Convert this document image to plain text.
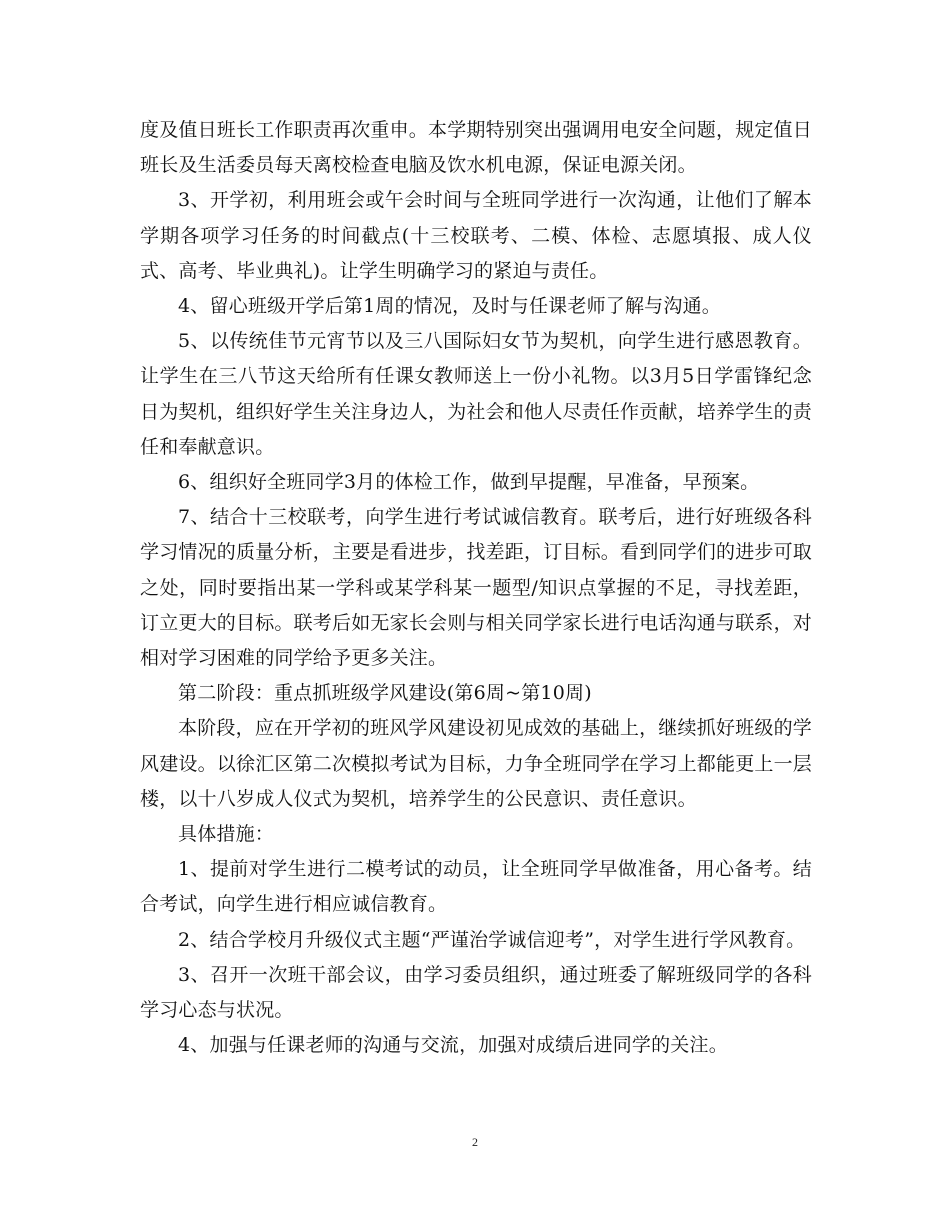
度及值日班长工作职责再次重申。本学期特别突出强调用电安全问题，规定值日班长及生活委员每天离校检查电脑及饮水机电源，保证电源关闭。

3、开学初，利用班会或午会时间与全班同学进行一次沟通，让他们了解本学期各项学习任务的时间截点(十三校联考、二模、体检、志愿填报、成人仪式、高考、毕业典礼)。让学生明确学习的紧迫与责任。

4、留心班级开学后第1周的情况，及时与任课老师了解与沟通。

5、以传统佳节元宵节以及三八国际妇女节为契机，向学生进行感恩教育。让学生在三八节这天给所有任课女教师送上一份小礼物。以3月5日学雷锋纪念日为契机，组织好学生关注身边人，为社会和他人尽责任作贡献，培养学生的责任和奉献意识。

6、组织好全班同学3月的体检工作，做到早提醒，早准备，早预案。

7、结合十三校联考，向学生进行考试诚信教育。联考后，进行好班级各科学习情况的质量分析，主要是看进步，找差距，订目标。看到同学们的进步可取之处，同时要指出某一学科或某学科某一题型/知识点掌握的不足，寻找差距，订立更大的目标。联考后如无家长会则与相关同学家长进行电话沟通与联系，对相对学习困难的同学给予更多关注。

第二阶段：重点抓班级学风建设(第6周~第10周)

本阶段，应在开学初的班风学风建设初见成效的基础上，继续抓好班级的学风建设。以徐汇区第二次模拟考试为目标，力争全班同学在学习上都能更上一层楼，以十八岁成人仪式为契机，培养学生的公民意识、责任意识。

具体措施：

1、提前对学生进行二模考试的动员，让全班同学早做准备，用心备考。结合考试，向学生进行相应诚信教育。

2、结合学校月升级仪式主题“严谨治学诚信迎考”，对学生进行学风教育。

3、召开一次班干部会议，由学习委员组织，通过班委了解班级同学的各科学习心态与状况。

4、加强与任课老师的沟通与交流，加强对成绩后进同学的关注。

2
